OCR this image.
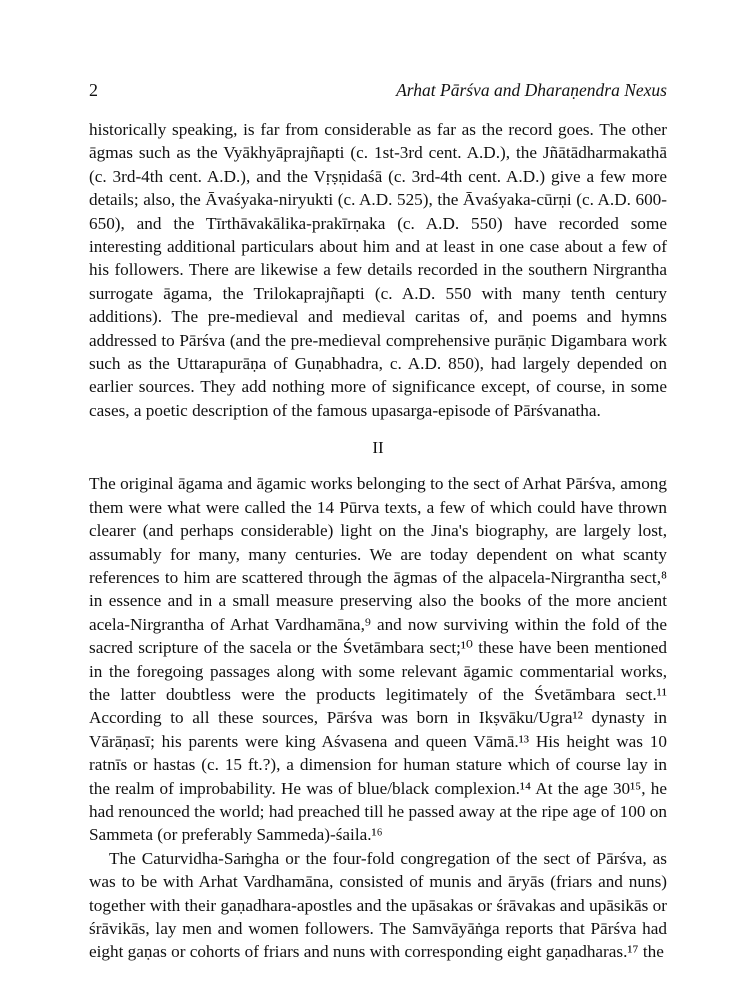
2	Arhat Pārśva and Dharaṇendra Nexus

historically speaking, is far from considerable as far as the record goes. The other āgmas such as the Vyākhyāprajñapti (c. 1st-3rd cent. A.D.), the Jñātādharmakathā (c. 3rd-4th cent. A.D.), and the Vṛṣṇidaśā (c. 3rd-4th cent. A.D.) give a few more details; also, the Āvaśyaka-niryukti (c. A.D. 525), the Āvaśyaka-cūrṇi (c. A.D. 600-650), and the Tīrthāvakālika-prakīrṇaka (c. A.D. 550) have recorded some interesting additional particulars about him and at least in one case about a few of his followers. There are likewise a few details recorded in the southern Nirgrantha surrogate āgama, the Trilokaprajñapti (c. A.D. 550 with many tenth century additions). The pre-medieval and medieval caritas of, and poems and hymns addressed to Pārśva (and the pre-medieval comprehensive purāṇic Digambara work such as the Uttarapurāṇa of Guṇabhadra, c. A.D. 850), had largely depended on earlier sources. They add nothing more of significance except, of course, in some cases, a poetic description of the famous upasarga-episode of Pārśvanatha.

II

The original āgama and āgamic works belonging to the sect of Arhat Pārśva, among them were what were called the 14 Pūrva texts, a few of which could have thrown clearer (and perhaps considerable) light on the Jina's biography, are largely lost, assumably for many, many centuries. We are today dependent on what scanty references to him are scattered through the āgmas of the alpacela-Nirgrantha sect,⁸ in essence and in a small measure preserving also the books of the more ancient acela-Nirgrantha of Arhat Vardhamāna,⁹ and now surviving within the fold of the sacred scripture of the sacela or the Śvetāmbara sect;¹⁰ these have been mentioned in the foregoing passages along with some relevant āgamic commentarial works, the latter doubtless were the products legitimately of the Śvetāmbara sect.¹¹ According to all these sources, Pārśva was born in Ikṣvāku/Ugra¹² dynasty in Vārāṇasī; his parents were king Aśvasena and queen Vāmā.¹³ His height was 10 ratnīs or hastas (c. 15 ft.?), a dimension for human stature which of course lay in the realm of improbability. He was of blue/black complexion.¹⁴ At the age 30¹⁵, he had renounced the world; had preached till he passed away at the ripe age of 100 on Sammeta (or preferably Sammeda)-śaila.¹⁶

The Caturvidha-Saṁgha or the four-fold congregation of the sect of Pārśva, as was to be with Arhat Vardhamāna, consisted of munis and āryās (friars and nuns) together with their gaṇadhara-apostles and the upāsakas or śrāvakas and upāsikās or śrāvikās, lay men and women followers. The Samvāyāṅga reports that Pārśva had eight gaṇas or cohorts of friars and nuns with corresponding eight gaṇadharas.¹⁷ the
